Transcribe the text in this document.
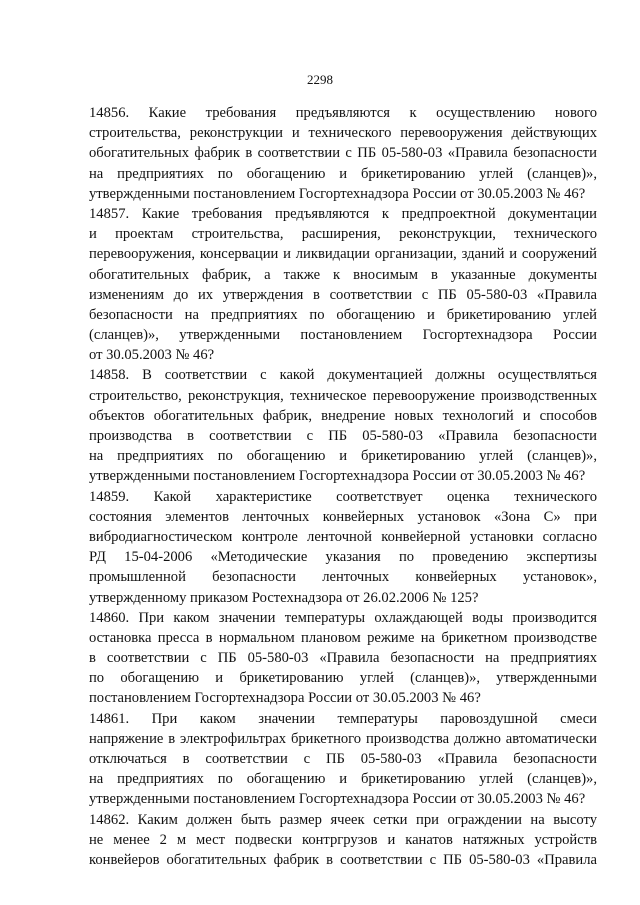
2298
14856. Какие требования предъявляются к осуществлению нового
строительства, реконструкции и технического перевооружения действующих
обогатительных фабрик в соответствии с ПБ 05-580-03 «Правила безопасности
на предприятиях по обогащению и брикетированию углей (сланцев)»,
утвержденными постановлением Госгортехнадзора России от 30.05.2003 № 46?
14857. Какие требования предъявляются к предпроектной документации
и проектам строительства, расширения, реконструкции, технического
перевооружения, консервации и ликвидации организации, зданий и сооружений
обогатительных фабрик, а также к вносимым в указанные документы
изменениям до их утверждения в соответствии с ПБ 05-580-03 «Правила
безопасности на предприятиях по обогащению и брикетированию углей
(сланцев)», утвержденными постановлением Госгортехнадзора России
от 30.05.2003 № 46?
14858. В соответствии с какой документацией должны осуществляться
строительство, реконструкция, техническое перевооружение производственных
объектов обогатительных фабрик, внедрение новых технологий и способов
производства в соответствии с ПБ 05-580-03 «Правила безопасности
на предприятиях по обогащению и брикетированию углей (сланцев)»,
утвержденными постановлением Госгортехнадзора России от 30.05.2003 № 46?
14859. Какой характеристике соответствует оценка технического
состояния элементов ленточных конвейерных установок «Зона С» при
вибродиагностическом контроле ленточной конвейерной установки согласно
РД 15-04-2006 «Методические указания по проведению экспертизы
промышленной безопасности ленточных конвейерных установок»,
утвержденному приказом Ростехнадзора от 26.02.2006 № 125?
14860. При каком значении температуры охлаждающей воды производится
остановка пресса в нормальном плановом режиме на брикетном производстве
в соответствии с ПБ 05-580-03 «Правила безопасности на предприятиях
по обогащению и брикетированию углей (сланцев)», утвержденными
постановлением Госгортехнадзора России от 30.05.2003 № 46?
14861. При каком значении температуры паровоздушной смеси
напряжение в электрофильтрах брикетного производства должно автоматически
отключаться в соответствии с ПБ 05-580-03 «Правила безопасности
на предприятиях по обогащению и брикетированию углей (сланцев)»,
утвержденными постановлением Госгортехнадзора России от 30.05.2003 № 46?
14862. Каким должен быть размер ячеек сетки при ограждении на высоту
не менее 2 м мест подвески контргрузов и канатов натяжных устройств
конвейеров обогатительных фабрик в соответствии с ПБ 05-580-03 «Правила
